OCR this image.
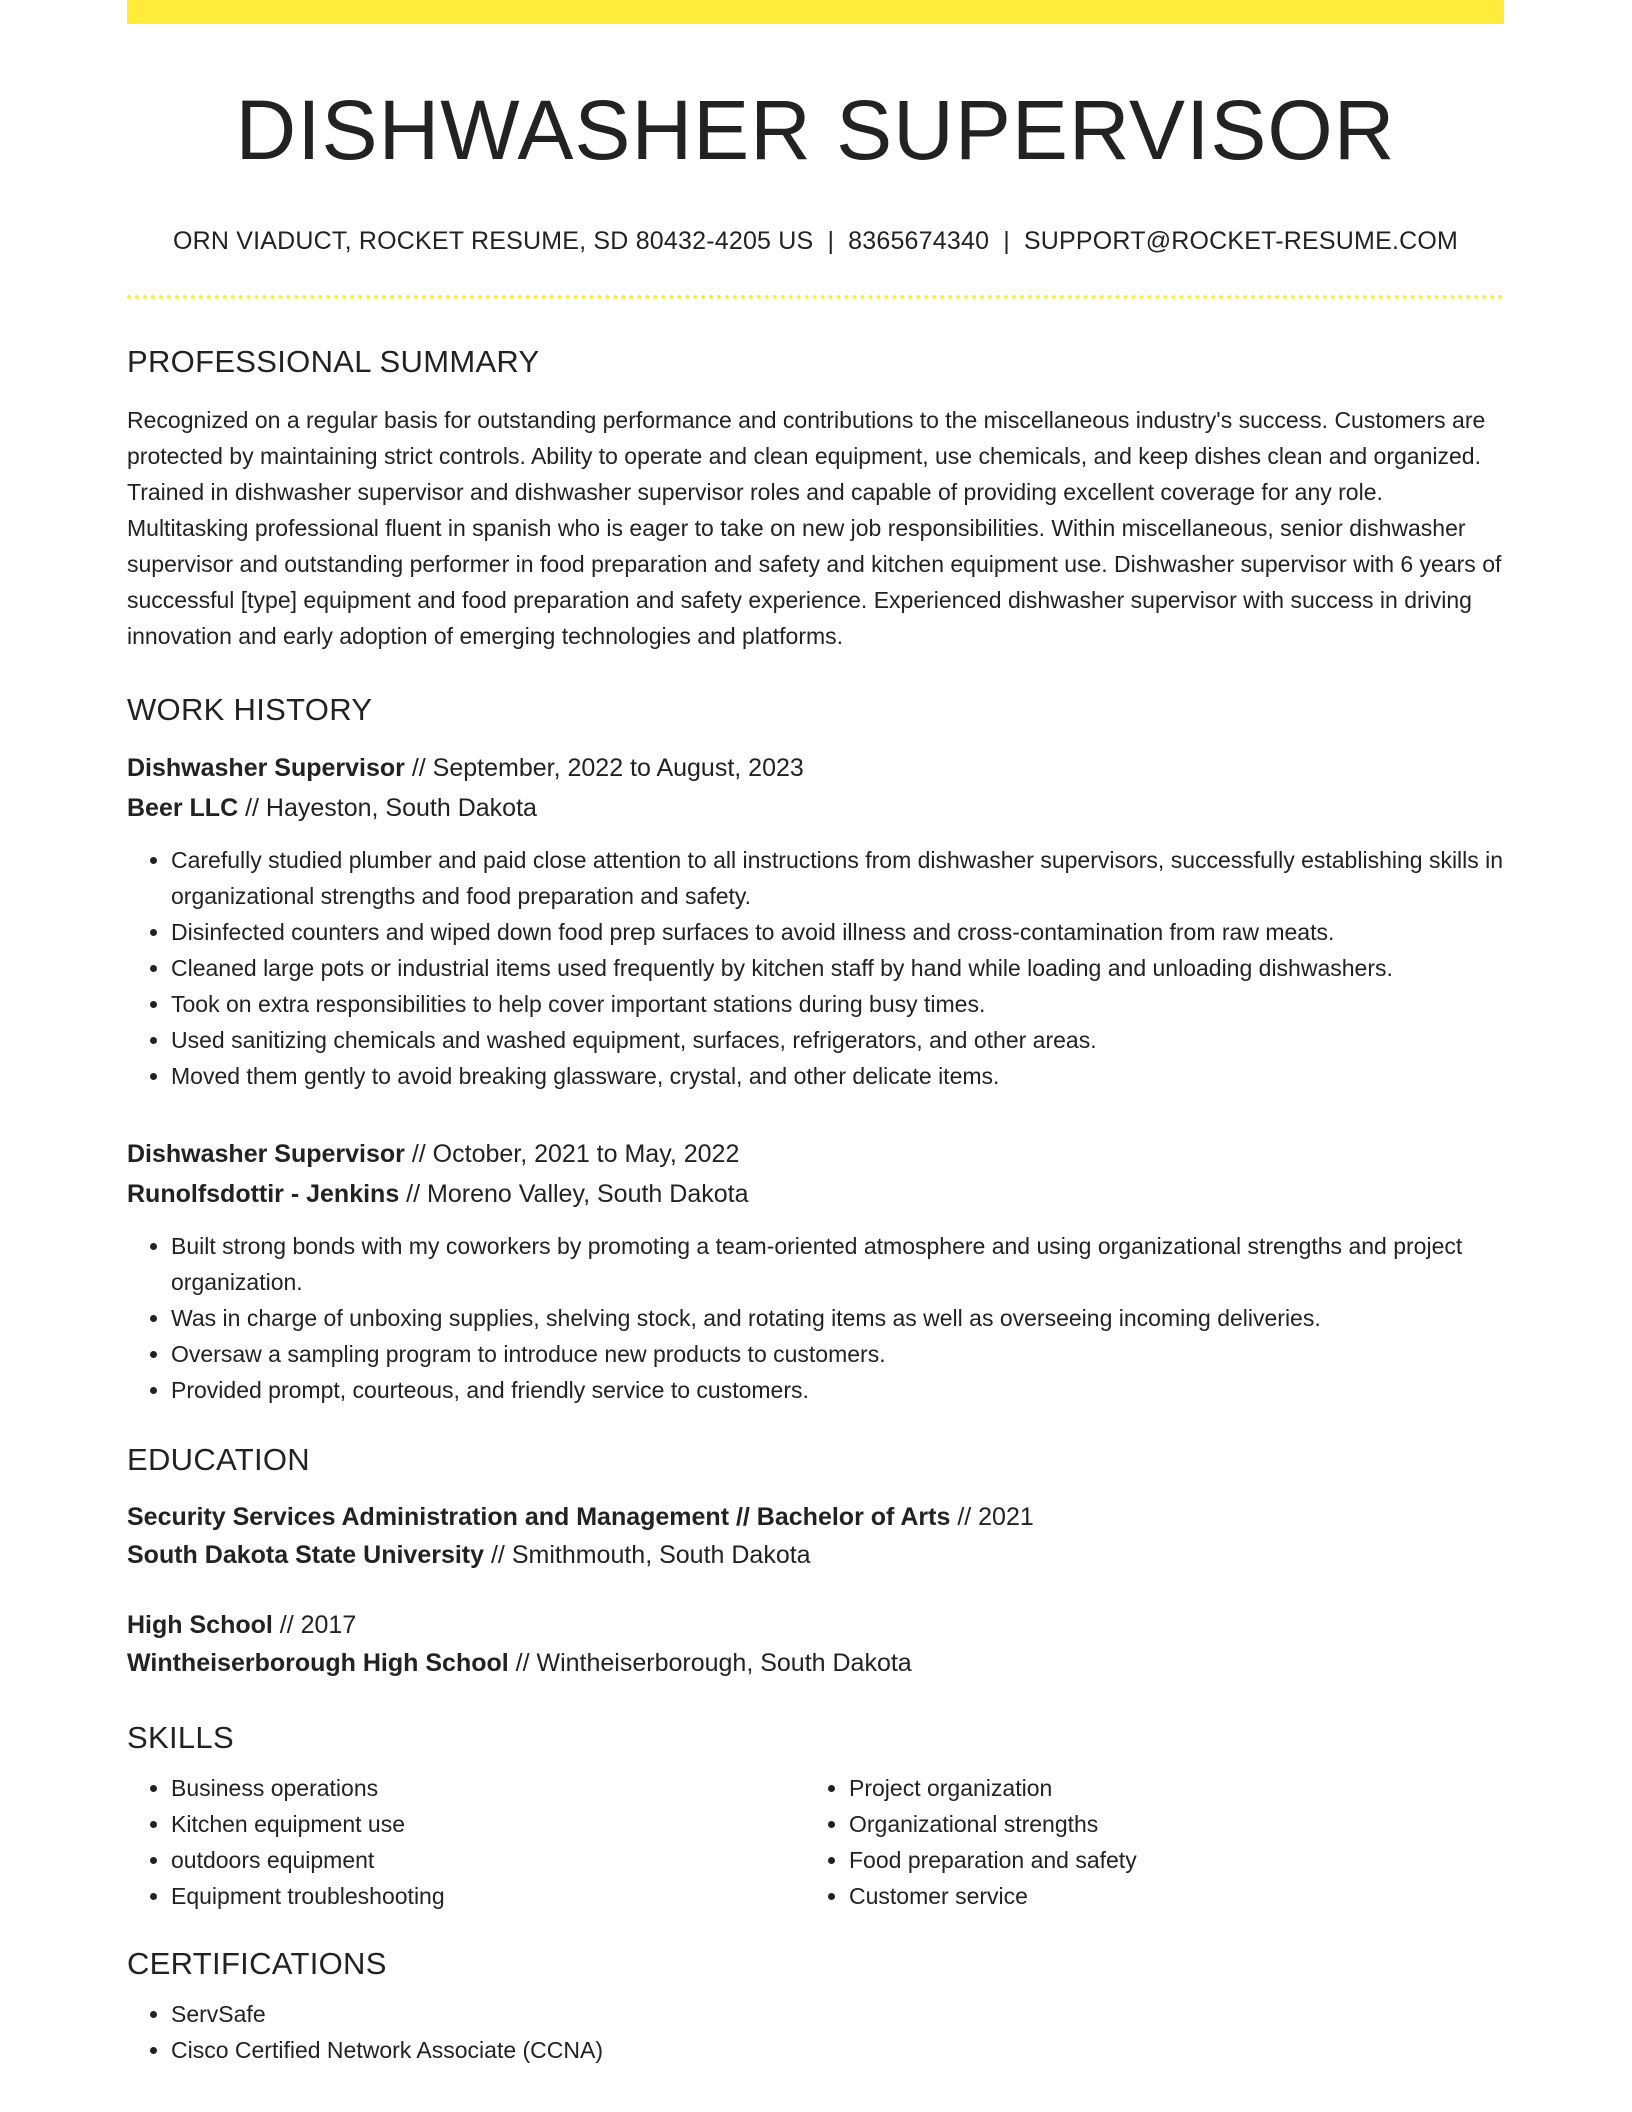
DISHWASHER SUPERVISOR
ORN VIADUCT, ROCKET RESUME, SD 80432-4205 US | 8365674340 | SUPPORT@ROCKET-RESUME.COM
PROFESSIONAL SUMMARY
Recognized on a regular basis for outstanding performance and contributions to the miscellaneous industry's success. Customers are protected by maintaining strict controls. Ability to operate and clean equipment, use chemicals, and keep dishes clean and organized. Trained in dishwasher supervisor and dishwasher supervisor roles and capable of providing excellent coverage for any role. Multitasking professional fluent in spanish who is eager to take on new job responsibilities. Within miscellaneous, senior dishwasher supervisor and outstanding performer in food preparation and safety and kitchen equipment use. Dishwasher supervisor with 6 years of successful [type] equipment and food preparation and safety experience. Experienced dishwasher supervisor with success in driving innovation and early adoption of emerging technologies and platforms.
WORK HISTORY
Dishwasher Supervisor // September, 2022 to August, 2023
Beer LLC // Hayeston, South Dakota
• Carefully studied plumber and paid close attention to all instructions from dishwasher supervisors, successfully establishing skills in organizational strengths and food preparation and safety.
• Disinfected counters and wiped down food prep surfaces to avoid illness and cross-contamination from raw meats.
• Cleaned large pots or industrial items used frequently by kitchen staff by hand while loading and unloading dishwashers.
• Took on extra responsibilities to help cover important stations during busy times.
• Used sanitizing chemicals and washed equipment, surfaces, refrigerators, and other areas.
• Moved them gently to avoid breaking glassware, crystal, and other delicate items.
Dishwasher Supervisor // October, 2021 to May, 2022
Runolfsdottir - Jenkins // Moreno Valley, South Dakota
• Built strong bonds with my coworkers by promoting a team-oriented atmosphere and using organizational strengths and project organization.
• Was in charge of unboxing supplies, shelving stock, and rotating items as well as overseeing incoming deliveries.
• Oversaw a sampling program to introduce new products to customers.
• Provided prompt, courteous, and friendly service to customers.
EDUCATION
Security Services Administration and Management // Bachelor of Arts // 2021
South Dakota State University // Smithmouth, South Dakota
High School // 2017
Wintheiserborough High School // Wintheiserborough, South Dakota
SKILLS
• Business operations
• Kitchen equipment use
• outdoors equipment
• Equipment troubleshooting
• Project organization
• Organizational strengths
• Food preparation and safety
• Customer service
CERTIFICATIONS
• ServSafe
• Cisco Certified Network Associate (CCNA)
